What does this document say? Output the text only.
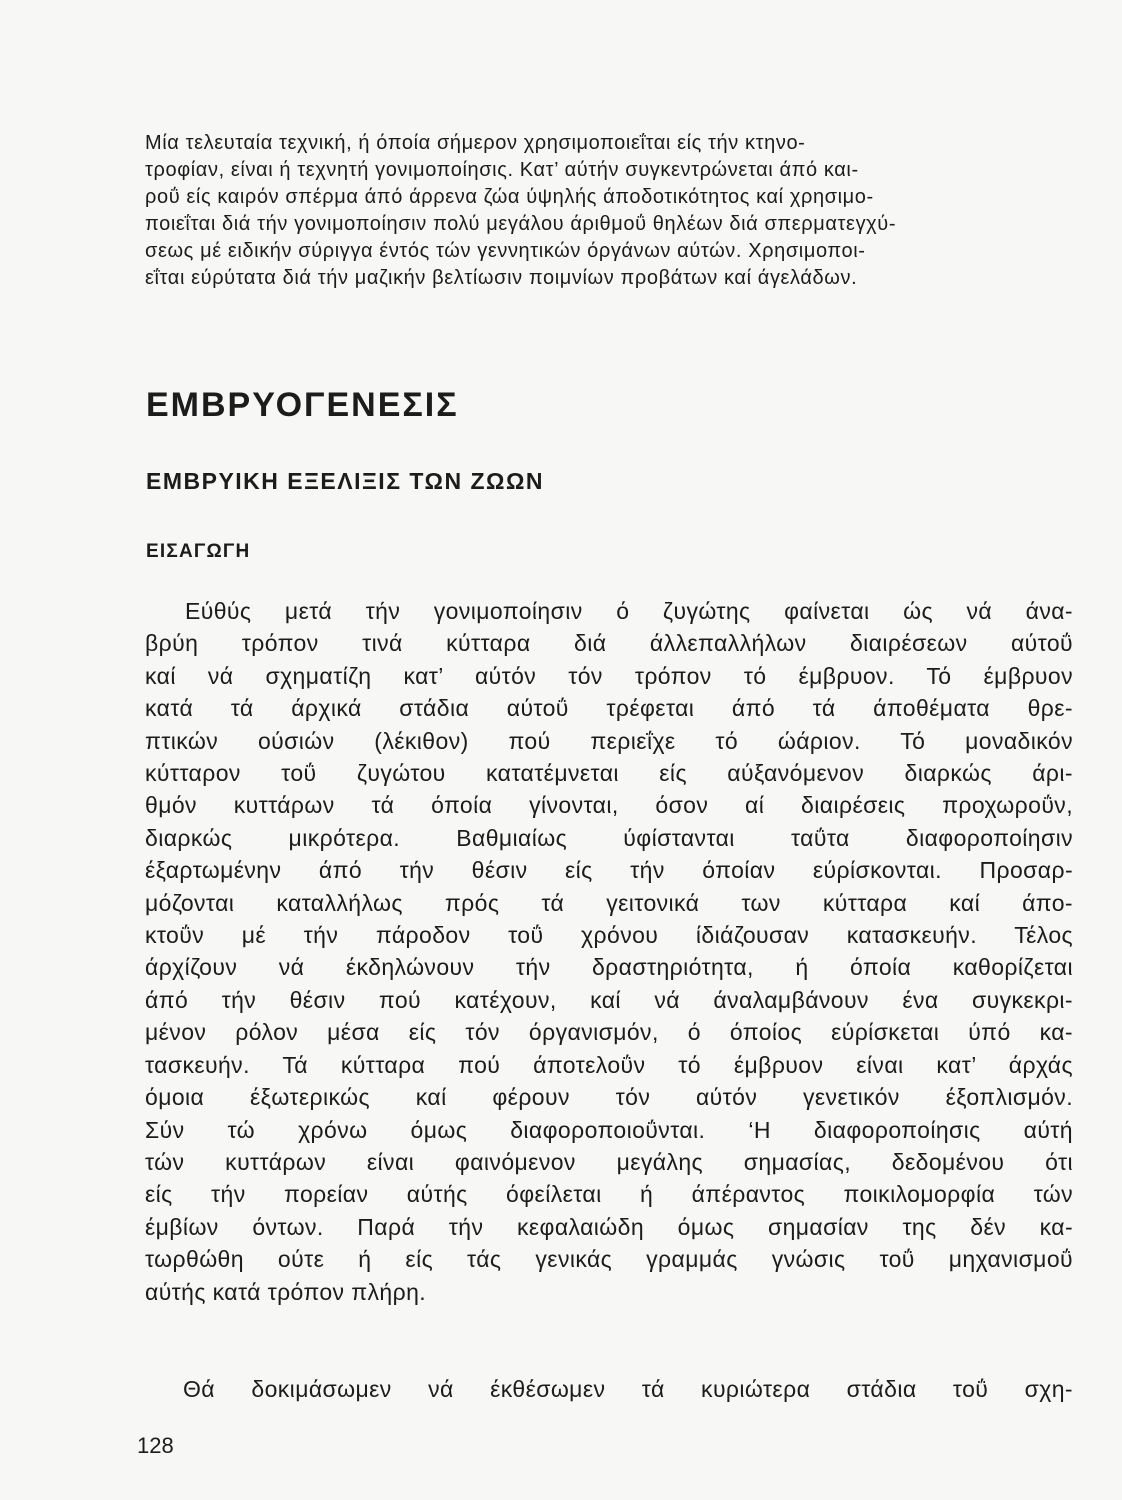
Μία τελευταία τεχνική, ή όποία σήμερον χρησιμοποιεΐται είς τήν κτηνο-
τροφίαν, είναι ή τεχνητή γονιμοποίησις. Κατ’ αύτήν συγκεντρώνεται άπό και-
ροΰ είς καιρόν σπέρμα άπό άρρενα ζώα ύψηλής άποδοτικότητος καί χρησιμο-
ποιεΐται διά τήν γονιμοποίησιν πολύ μεγάλου άριθμοΰ θηλέων διά σπερματεγχύ-
σεως μέ ειδικήν σύριγγα έντός τών γεννητικών όργάνων αύτών. Χρησιμοποι-
εΐται εύρύτατα διά τήν μαζικήν βελτίωσιν ποιμνίων προβάτων καί άγελάδων.
ΕΜΒΡΥΟΓΕΝΕΣΙΣ
ΕΜΒΡΥΙΚΗ ΕΞΕΛΙΞΙΣ ΤΩΝ ΖΩΩΝ
ΕΙΣΑΓΩΓΗ
Εύθύς μετά τήν γονιμοποίησιν ό ζυγώτης φαίνεται ώς νά άνα-
βρύη τρόπον τινά κύτταρα διά άλλεπαλλήλων διαιρέσεων αύτοΰ
καί νά σχηματίζη κατ’ αύτόν τόν τρόπον τό έμβρυον. Τό έμβρυον
κατά τά άρχικά στάδια αύτοΰ τρέφεται άπό τά άποθέματα θρε-
πτικών ούσιών (λέκιθον) πού περιεΐχε τό ώάριον. Τό μοναδικόν
κύτταρον τοΰ ζυγώτου κατατέμνεται είς αύξανόμενον διαρκώς άρι-
θμόν κυττάρων τά όποία γίνονται, όσον αί διαιρέσεις προχωροΰν,
διαρκώς μικρότερα. Βαθμιαίως ύφίστανται ταΰτα διαφοροποίησιν
έξαρτωμένην άπό τήν θέσιν είς τήν όποίαν εύρίσκονται. Προσαρ-
μόζονται καταλλήλως πρός τά γειτονικά των κύτταρα καί άπο-
κτοΰν μέ τήν πάροδον τοΰ χρόνου ίδιάζουσαν κατασκευήν. Τέλος
άρχίζουν νά έκδηλώνουν τήν δραστηριότητα, ή όποία καθορίζεται
άπό τήν θέσιν πού κατέχουν, καί νά άναλαμβάνουν ένα συγκεκρι-
μένον ρόλον μέσα είς τόν όργανισμόν, ό όποίος εύρίσκεται ύπό κα-
τασκευήν. Τά κύτταρα πού άποτελοΰν τό έμβρυον είναι κατ’ άρχάς
όμοια έξωτερικώς καί φέρουν τόν αύτόν γενετικόν έξοπλισμόν.
Σύν τώ χρόνω όμως διαφοροποιοΰνται. ‘Η διαφοροποίησις αύτή
τών κυττάρων είναι φαινόμενον μεγάλης σημασίας, δεδομένου ότι
είς τήν πορείαν αύτής όφείλεται ή άπέραντος ποικιλομορφία τών
έμβίων όντων. Παρά τήν κεφαλαιώδη όμως σημασίαν της δέν κα-
τωρθώθη ούτε ή είς τάς γενικάς γραμμάς γνώσις τοΰ μηχανισμοΰ
αύτής κατά τρόπον πλήρη.
Θά δοκιμάσωμεν νά έκθέσωμεν τά κυριώτερα στάδια τοΰ σχη-
128
